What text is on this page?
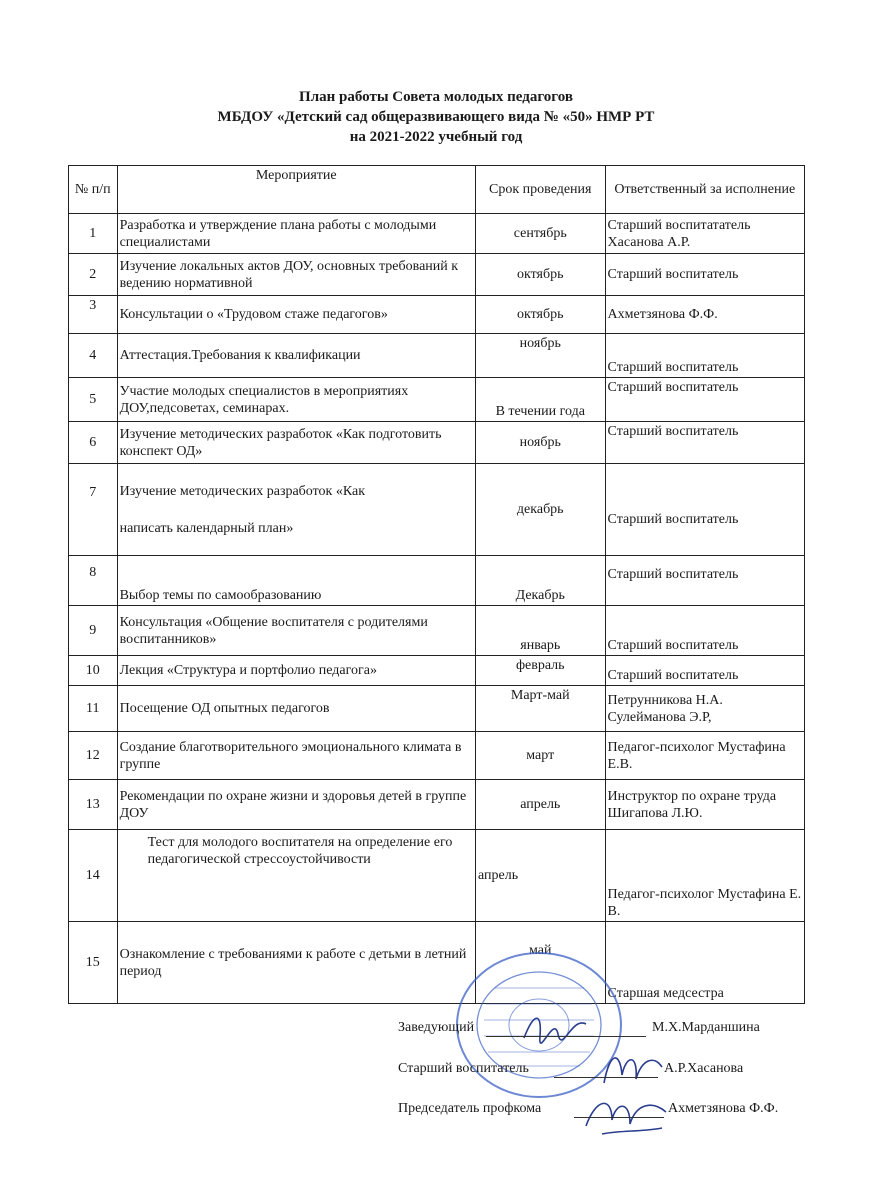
План работы Совета молодых педагогов
МБДОУ «Детский сад общеразвивающего вида № «50» НМР РТ
на 2021-2022 учебный год
№ п/п	Мероприятие	Срок проведения	Ответственный за исполнение
1	Разработка и утверждение плана работы с молодыми специалистами	сентябрь	Старший воспитататель Хасанова А.Р.
2	Изучение локальных актов ДОУ, основных требований к ведению нормативной	октябрь	Старший воспитатель
3	Консультации о «Трудовом стаже педагогов»	октябрь	Ахметзянова Ф.Ф.
4	Аттестация.Требования к квалификации	ноябрь	Старший воспитатель
5	Участие молодых специалистов в мероприятиях ДОУ,педсоветах, семинарах.	В течении года	Старший воспитатель
6	Изучение методических разработок «Как подготовить конспект ОД»	ноябрь	Старший воспитатель
7	Изучение методических разработок «Как
написать календарный план»	декабрь	Старший воспитатель
8	Выбор темы по самообразованию	Декабрь	Старший воспитатель
9	Консультация «Общение воспитателя с родителями воспитанников»	январь	Старший воспитатель
10	Лекция «Структура и портфолио педагога»	февраль	Старший воспитатель
11	Посещение ОД опытных педагогов	Март-май	Петрунникова Н.А. Сулейманова Э.Р,
12	Создание благотворительного эмоционального климата в группе	март	Педагог-психолог Мустафина Е.В.
13	Рекомендации по охране жизни и здоровья детей в группе ДОУ	апрель	Инструктор по охране труда Шигапова Л.Ю.
14	Тест для молодого воспитателя на определение его педагогической стрессоустойчивости	апрель	Педагог-психолог Мустафина Е. В.
15	Ознакомление с требованиями к работе с детьми в летний период	май	Старшая медсестра
Заведующий	М.Х.Марданшина
Старший воспитатель	А.Р.Хасанова
Председатель профкома	Ахметзянова Ф.Ф.
